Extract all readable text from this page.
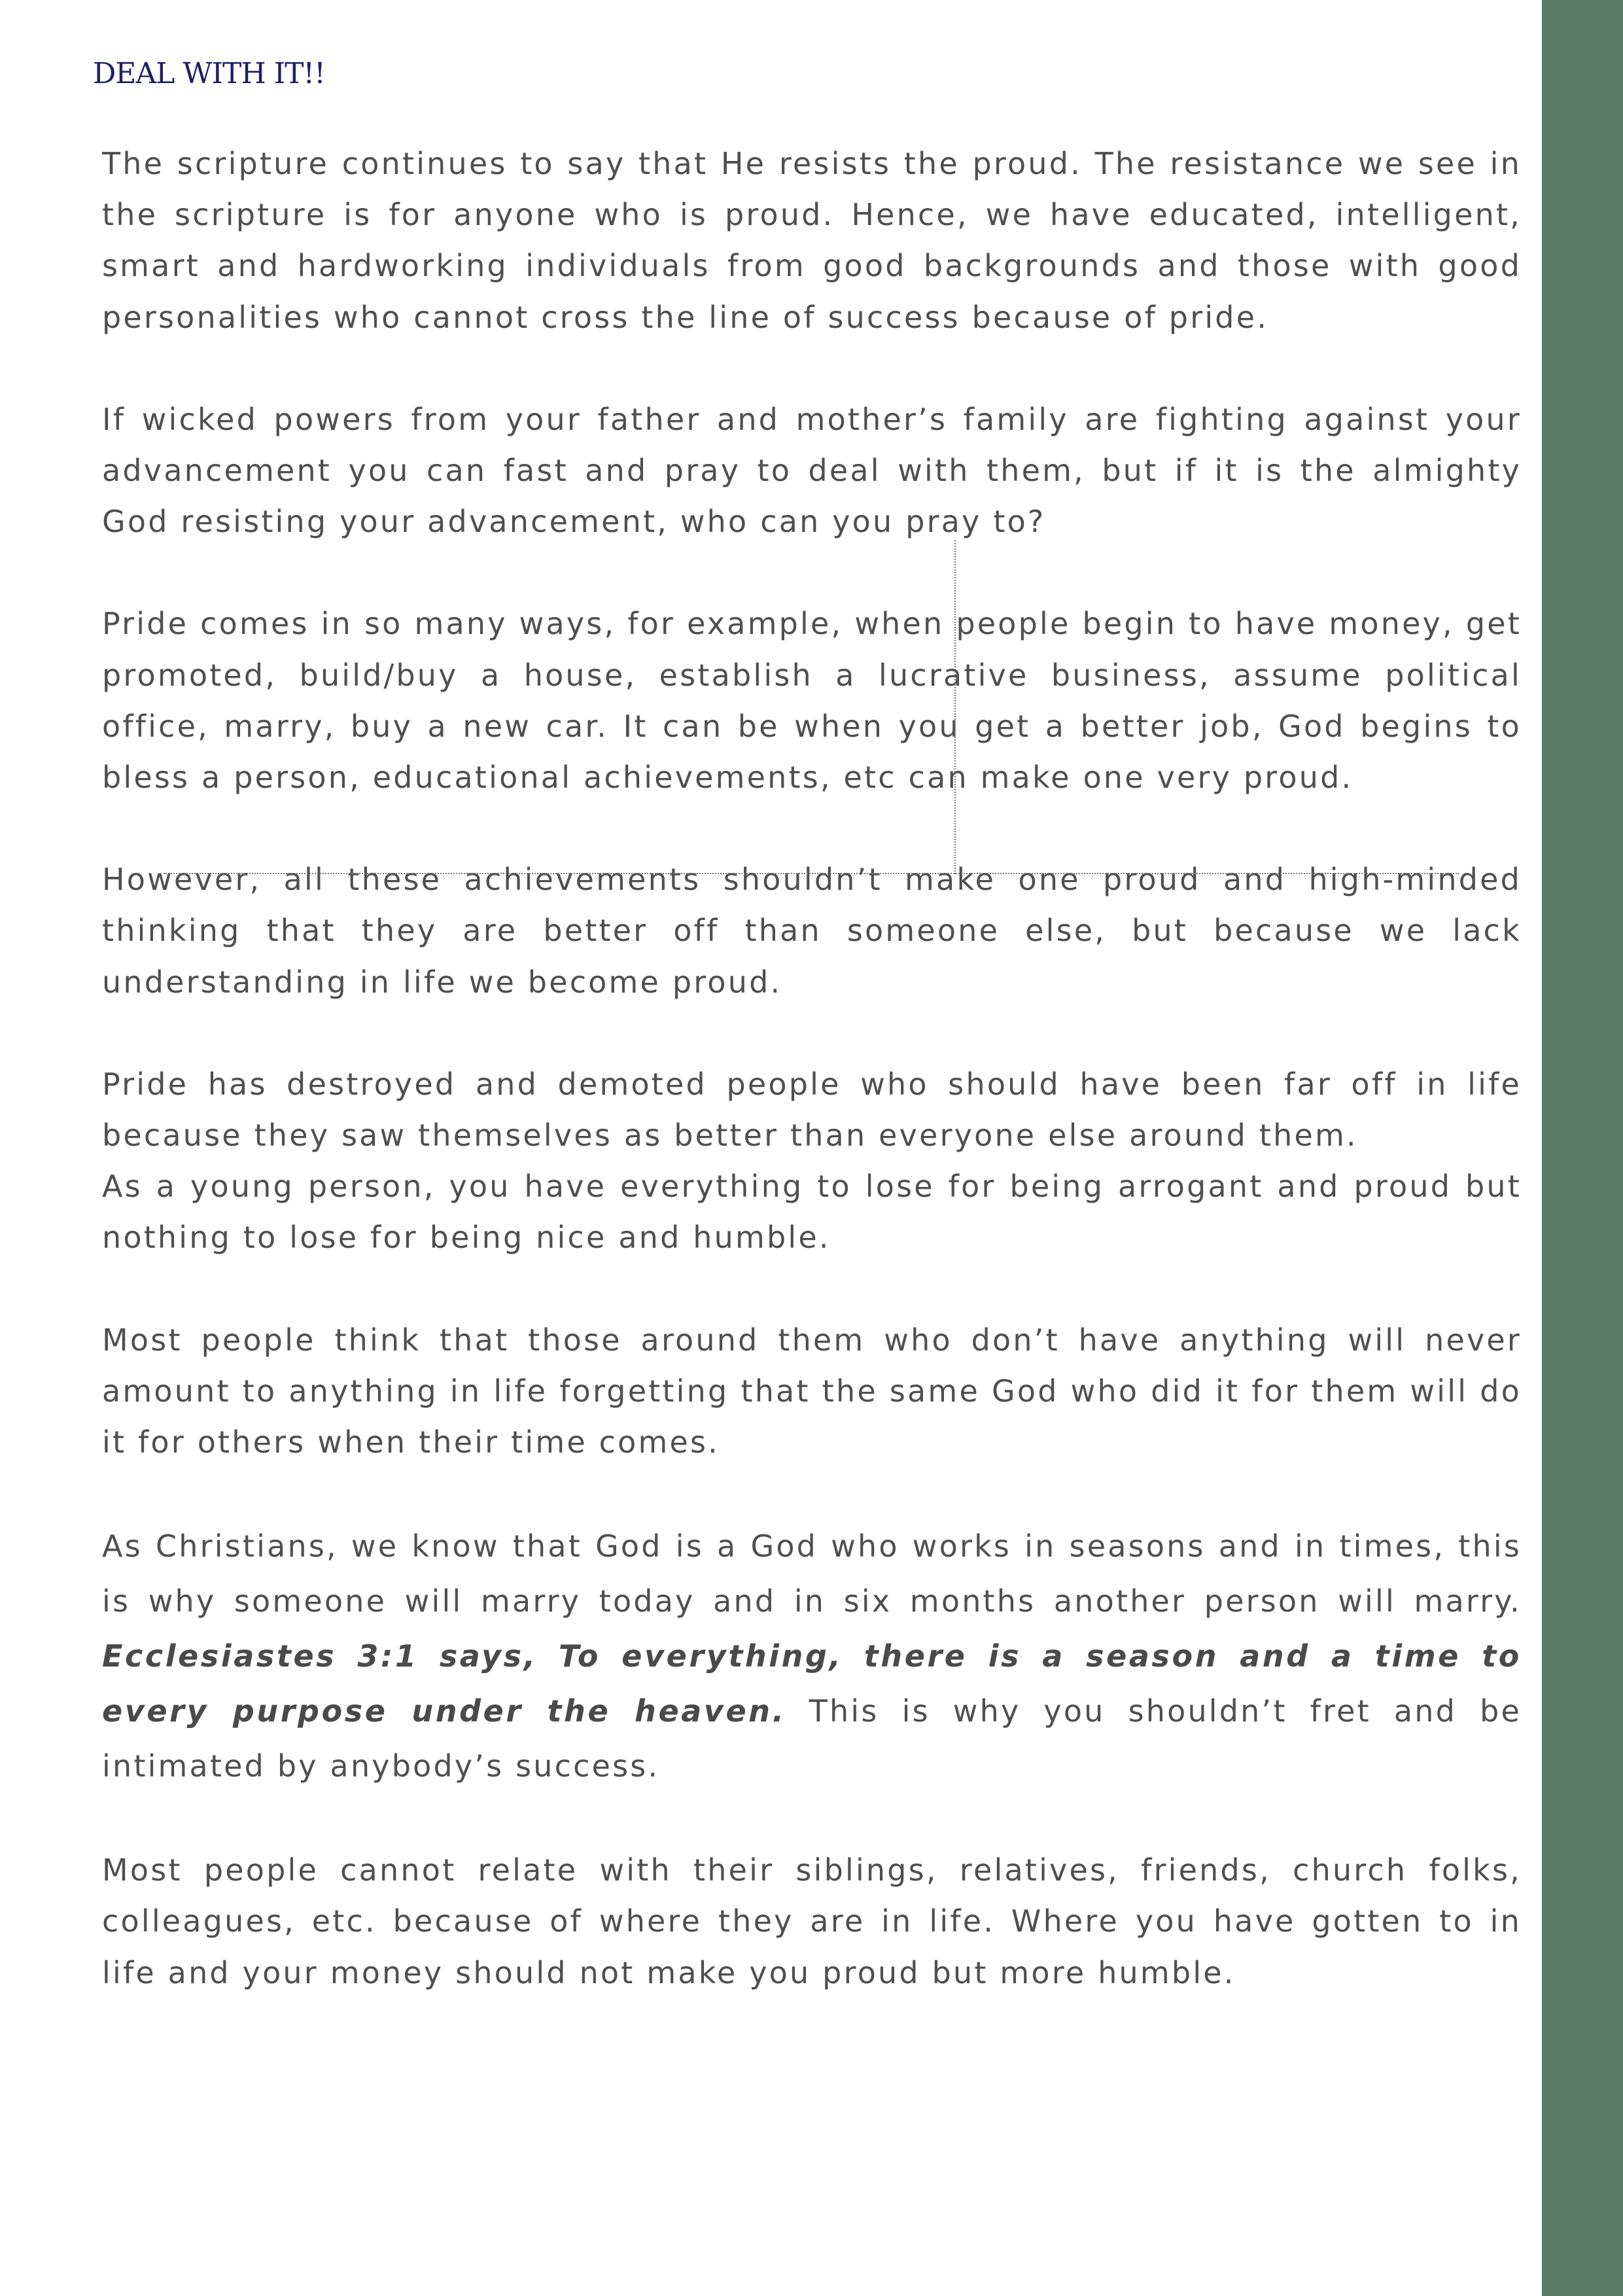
DEAL WITH IT!!

The scripture continues to say that He resists the proud. The resistance we see in the scripture is for anyone who is proud. Hence, we have educated, intelligent, smart and hardworking individuals from good backgrounds and those with good personalities who cannot cross the line of success because of pride.

If wicked powers from your father and mother’s family are fighting against your advancement you can fast and pray to deal with them, but if it is the almighty God resisting your advancement, who can you pray to?

Pride comes in so many ways, for example, when people begin to have money, get promoted, build/buy a house, establish a lucrative business, assume political office, marry, buy a new car. It can be when you get a better job, God begins to bless a person, educational achievements, etc can make one very proud.

However, all these achievements shouldn’t make one proud and high-minded thinking that they are better off than someone else, but because we lack understanding in life we become proud.

Pride has destroyed and demoted people who should have been far off in life because they saw themselves as better than everyone else around them.

As a young person, you have everything to lose for being arrogant and proud but nothing to lose for being nice and humble.

Most people think that those around them who don’t have anything will never amount to anything in life forgetting that the same God who did it for them will do it for others when their time comes.

As Christians, we know that God is a God who works in seasons and in times, this is why someone will marry today and in six months another person will marry. Ecclesiastes 3:1 says, To everything, there is a season and a time to every purpose under the heaven. This is why you shouldn’t fret and be intimated by anybody’s success.

Most people cannot relate with their siblings, relatives, friends, church folks, colleagues, etc. because of where they are in life. Where you have gotten to in life and your money should not make you proud but more humble.
